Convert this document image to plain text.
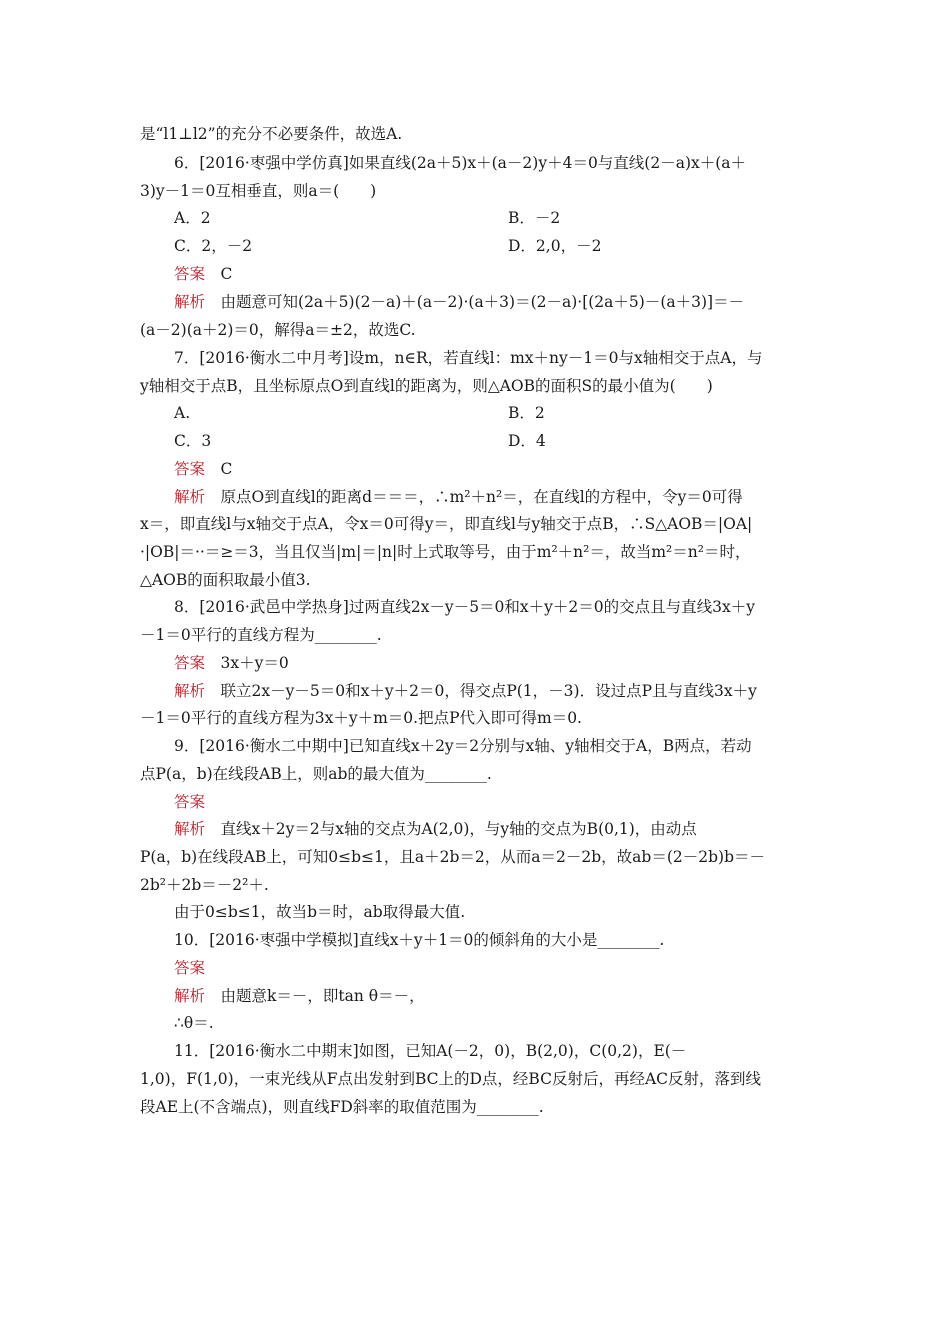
是“l1⊥l2”的充分不必要条件，故选A.
6．[2016·枣强中学仿真]如果直线(2a＋5)x＋(a－2)y＋4＝0与直线(2－a)x＋(a＋
3)y－1＝0互相垂直，则a＝(　　)
A．2	B．－2
C．2，－2	D．2,0，－2
答案　C
解析　由题意可知(2a＋5)(2－a)＋(a－2)·(a＋3)＝(2－a)·[(2a＋5)－(a＋3)]＝－
(a－2)(a＋2)＝0，解得a＝±2，故选C.
7．[2016·衡水二中月考]设m，n∈R，若直线l：mx＋ny－1＝0与x轴相交于点A，与
y轴相交于点B，且坐标原点O到直线l的距离为，则△AOB的面积S的最小值为(　　)
A.	B．2
C．3	D．4
答案　C
解析　原点O到直线l的距离d＝＝＝，∴m²＋n²＝，在直线l的方程中，令y＝0可得
x＝，即直线l与x轴交于点A，令x＝0可得y＝，即直线l与y轴交于点B，∴S△AOB＝|OA|
·|OB|＝··＝≥＝3，当且仅当|m|＝|n|时上式取等号，由于m²＋n²＝，故当m²＝n²＝时，
△AOB的面积取最小值3.
8．[2016·武邑中学热身]过两直线2x－y－5＝0和x＋y＋2＝0的交点且与直线3x＋y
－1＝0平行的直线方程为________.
答案　3x＋y＝0
解析　联立2x－y－5＝0和x＋y＋2＝0，得交点P(1，－3)．设过点P且与直线3x＋y
－1＝0平行的直线方程为3x＋y＋m＝0.把点P代入即可得m＝0.
9．[2016·衡水二中期中]已知直线x＋2y＝2分别与x轴、y轴相交于A，B两点，若动
点P(a，b)在线段AB上，则ab的最大值为________.
答案
解析　直线x＋2y＝2与x轴的交点为A(2,0)，与y轴的交点为B(0,1)，由动点
P(a，b)在线段AB上，可知0≤b≤1，且a＋2b＝2，从而a＝2－2b，故ab＝(2－2b)b＝－
2b²＋2b＝－2²＋.
由于0≤b≤1，故当b＝时，ab取得最大值.
10．[2016·枣强中学模拟]直线x＋y＋1＝0的倾斜角的大小是________.
答案
解析　由题意k＝－，即tan θ＝－，
∴θ＝.
11．[2016·衡水二中期末]如图，已知A(－2，0)，B(2,0)，C(0,2)，E(－
1,0)，F(1,0)，一束光线从F点出发射到BC上的D点，经BC反射后，再经AC反射，落到线
段AE上(不含端点)，则直线FD斜率的取值范围为________.
